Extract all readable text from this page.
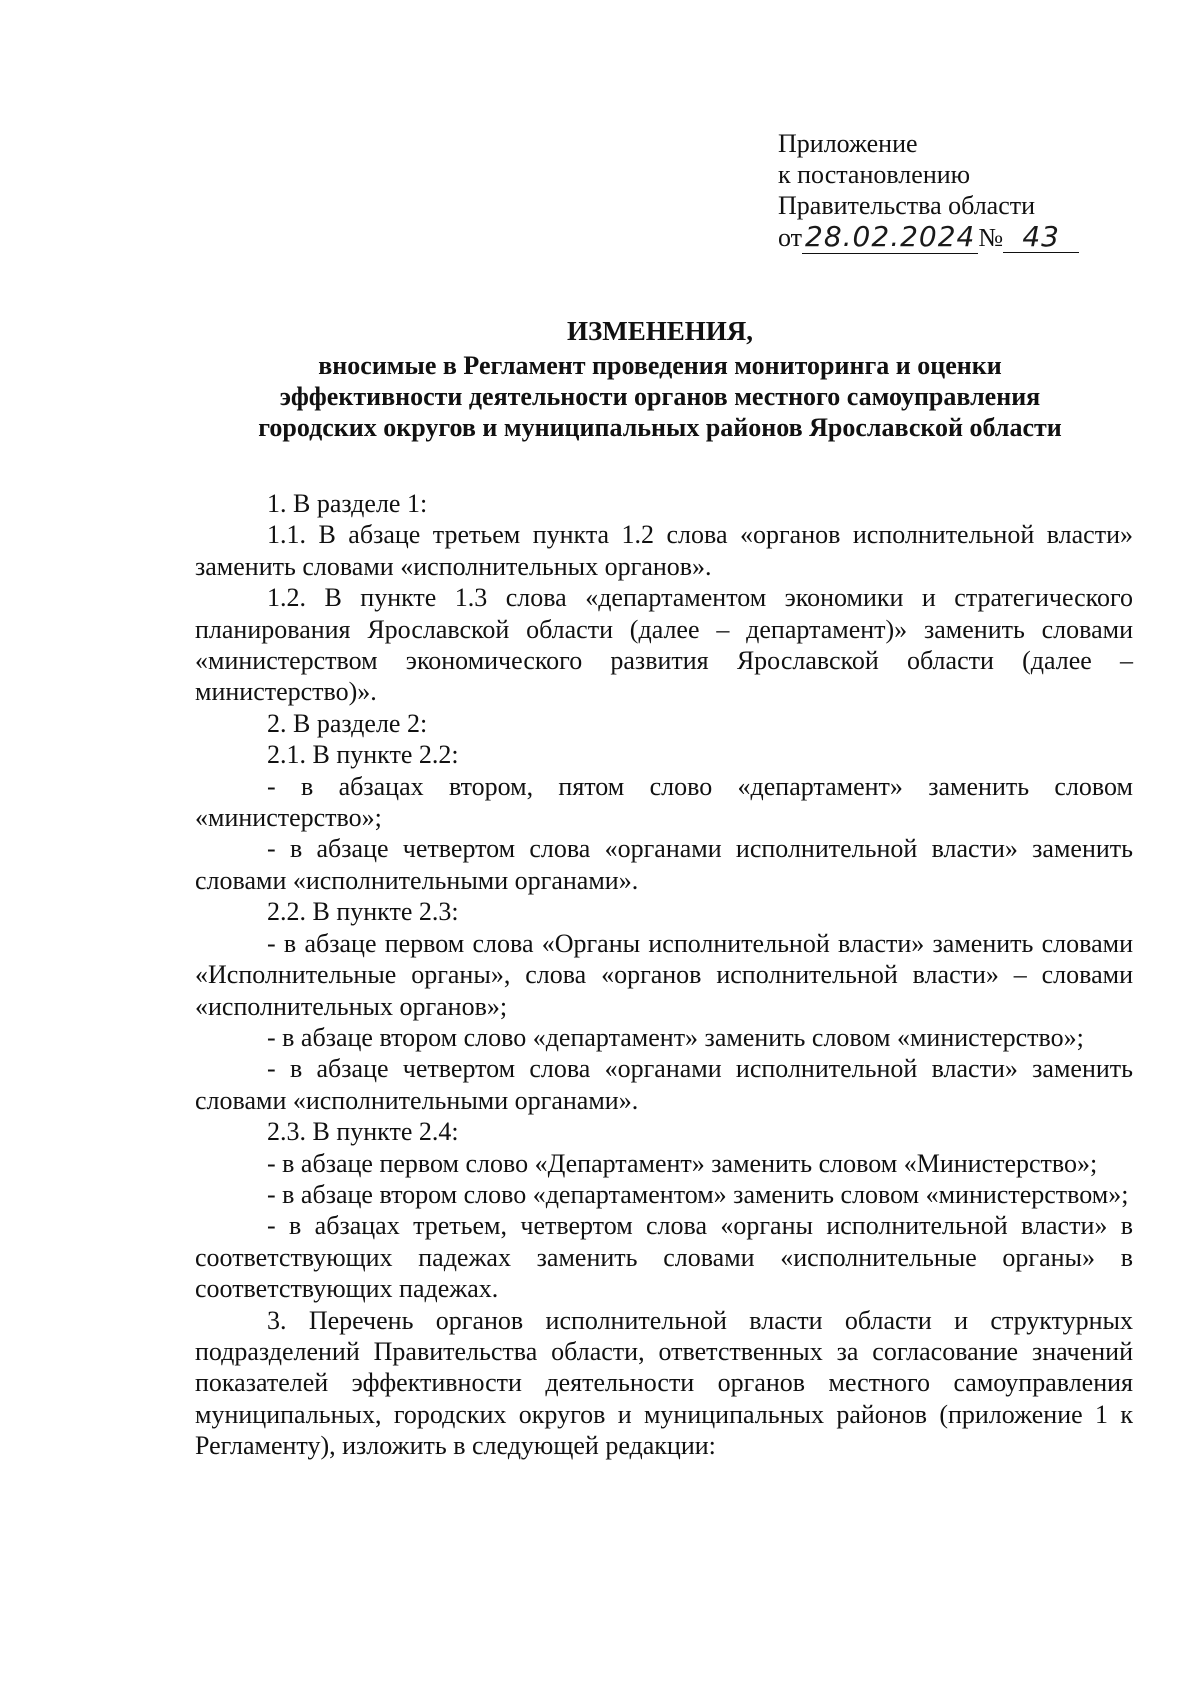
Приложение
к постановлению
Правительства области
от 28.02.2024 № 43
ИЗМЕНЕНИЯ,
вносимые в Регламент проведения мониторинга и оценки
эффективности деятельности органов местного самоуправления
городских округов и муниципальных районов Ярославской области

1. В разделе 1:

1.1. В абзаце третьем пункта 1.2 слова «органов исполнительной власти» заменить словами «исполнительных органов».

1.2. В пункте 1.3 слова «департаментом экономики и стратегического планирования Ярославской области (далее – департамент)» заменить словами «министерством экономического развития Ярославской области (далее – министерство)».

2. В разделе 2:

2.1. В пункте 2.2:

- в абзацах втором, пятом слово «департамент» заменить словом «министерство»;

- в абзаце четвертом слова «органами исполнительной власти» заменить словами «исполнительными органами».

2.2. В пункте 2.3:

- в абзаце первом слова «Органы исполнительной власти» заменить словами «Исполнительные органы», слова «органов исполнительной власти» – словами «исполнительных органов»;

- в абзаце втором слово «департамент» заменить словом «министерство»;

- в абзаце четвертом слова «органами исполнительной власти» заменить словами «исполнительными органами».

2.3. В пункте 2.4:

- в абзаце первом слово «Департамент» заменить словом «Министерство»;

- в абзаце втором слово «департаментом» заменить словом «министерством»;

- в абзацах третьем, четвертом слова «органы исполнительной власти» в соответствующих падежах заменить словами «исполнительные органы» в соответствующих падежах.

3. Перечень органов исполнительной власти области и структурных подразделений Правительства области, ответственных за согласование значений показателей эффективности деятельности органов местного самоуправления муниципальных, городских округов и муниципальных районов (приложение 1 к Регламенту), изложить в следующей редакции:
